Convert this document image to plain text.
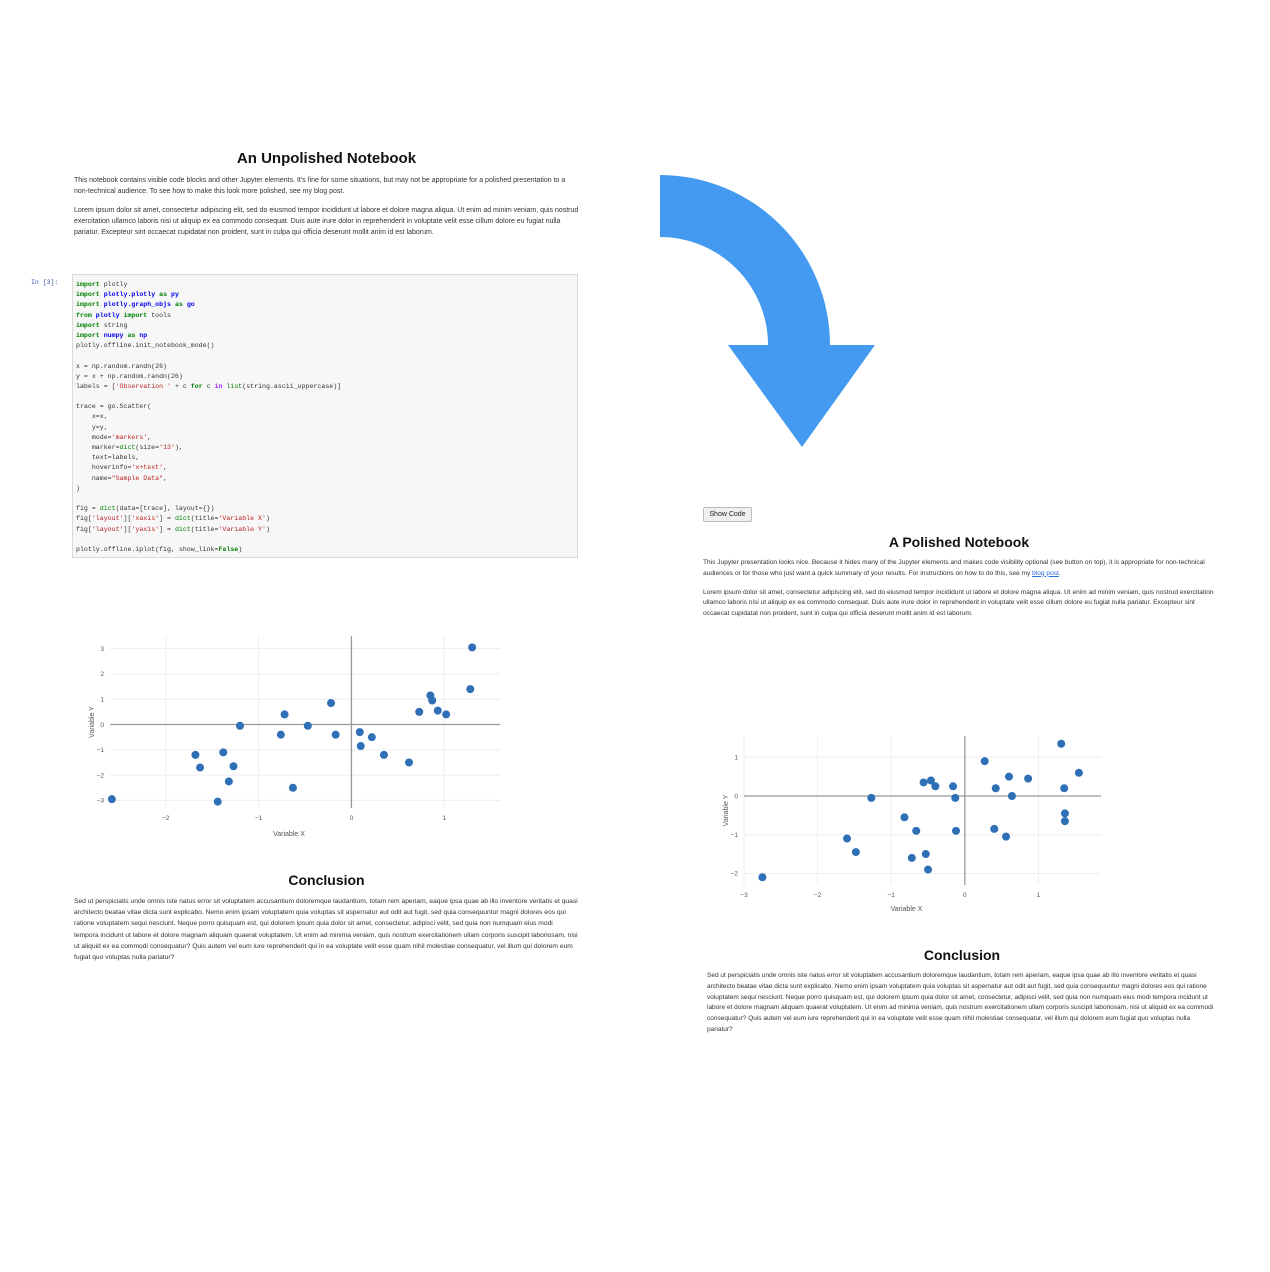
An Unpolished Notebook

This notebook contains visible code blocks and other Jupyter elements. It's fine for some situations, but may not be appropriate for a polished presentation to a non-technical audience. To see how to make this look more polished, see my blog post.

Lorem ipsum dolor sit amet, consectetur adipiscing elit, sed do eiusmod tempor incididunt ut labore et dolore magna aliqua. Ut enim ad minim veniam, quis nostrud exercitation ullamco laboris nisi ut aliquip ex ea commodo consequat. Duis aute irure dolor in reprehenderit in voluptate velit esse cillum dolore eu fugiat nulla pariatur. Excepteur sint occaecat cupidatat non proident, sunt in culpa qui officia deserunt mollit anim id est laborum.

In [3]:	import plotly
import plotly.plotly as py
import plotly.graph_objs as go
from plotly import tools
import string
import numpy as np
plotly.offline.init_notebook_mode()
x = np.random.randn(26)
y = x + np.random.randn(26)
labels = ['Observation ' + c for c in list(string.ascii_uppercase)]
trace = go.Scatter(
x=x,
y=y,
mode='markers',
marker=dict(size='13'),
text=labels,
hoverinfo='x+text',
name="Sample Data",
)
fig = dict(data=[trace], layout={})
fig['layout']['xaxis'] = dict(title='Variable X')
fig['layout']['yaxis'] = dict(title='Variable Y')
plotly.offline.iplot(fig, show_link=False)
−2	−1	0	1
−3
−2
−1
0
1
2
3
Variable X
Variable Y
Conclusion

Sed ut perspiciatis unde omnis iste natus error sit voluptatem accusantium doloremque laudantium, totam rem aperiam, eaque ipsa quae ab illo inventore veritatis et quasi architecto beatae vitae dicta sunt explicabo. Nemo enim ipsam voluptatem quia voluptas sit aspernatur aut odit aut fugit, sed quia consequuntur magni dolores eos qui ratione voluptatem sequi nesciunt. Neque porro quisquam est, qui dolorem ipsum quia dolor sit amet, consectetur, adipisci velit, sed quia non numquam eius modi tempora incidunt ut labore et dolore magnam aliquam quaerat voluptatem. Ut enim ad minima veniam, quis nostrum exercitationem ullam corporis suscipit laboriosam, nisi ut aliquid ex ea commodi consequatur? Quis autem vel eum iure reprehenderit qui in ea voluptate velit esse quam nihil molestiae consequatur, vel illum qui dolorem eum fugiat quo voluptas nulla pariatur?

Show Code
A Polished Notebook

This Jupyter presentation looks nice. Because it hides many of the Jupyter elements and makes code visibility optional (see button on top), it is appropriate for non-technical audiences or for those who just want a quick summary of your results. For instructions on how to do this, see my blog post.

Lorem ipsum dolor sit amet, consectetur adipiscing elit, sed do eiusmod tempor incididunt ut labore et dolore magna aliqua. Ut enim ad minim veniam, quis nostrud exercitation ullamco laboris nisi ut aliquip ex ea commodo consequat. Duis aute irure dolor in reprehenderit in voluptate velit esse cillum dolore eu fugiat nulla pariatur. Excepteur sint occaecat cupidatat non proident, sunt in culpa qui officia deserunt mollit anim id est laborum.

−3	−2	−1	0	1
−2
−1
0
1
Variable X
Variable Y
Conclusion

Sed ut perspiciatis unde omnis iste natus error sit voluptatem accusantium doloremque laudantium, totam rem aperiam, eaque ipsa quae ab illo inventore veritatis et quasi architecto beatae vitae dicta sunt explicabo. Nemo enim ipsam voluptatem quia voluptas sit aspernatur aut odit aut fugit, sed quia consequuntur magni dolores eos qui ratione voluptatem sequi nesciunt. Neque porro quisquam est, qui dolorem ipsum quia dolor sit amet, consectetur, adipisci velit, sed quia non numquam eius modi tempora incidunt ut labore et dolore magnam aliquam quaerat voluptatem. Ut enim ad minima veniam, quis nostrum exercitationem ullam corporis suscipit laboriosam, nisi ut aliquid ex ea commodi consequatur? Quis autem vel eum iure reprehenderit qui in ea voluptate velit esse quam nihil molestiae consequatur, vel illum qui dolorem eum fugiat quo voluptas nulla pariatur?
